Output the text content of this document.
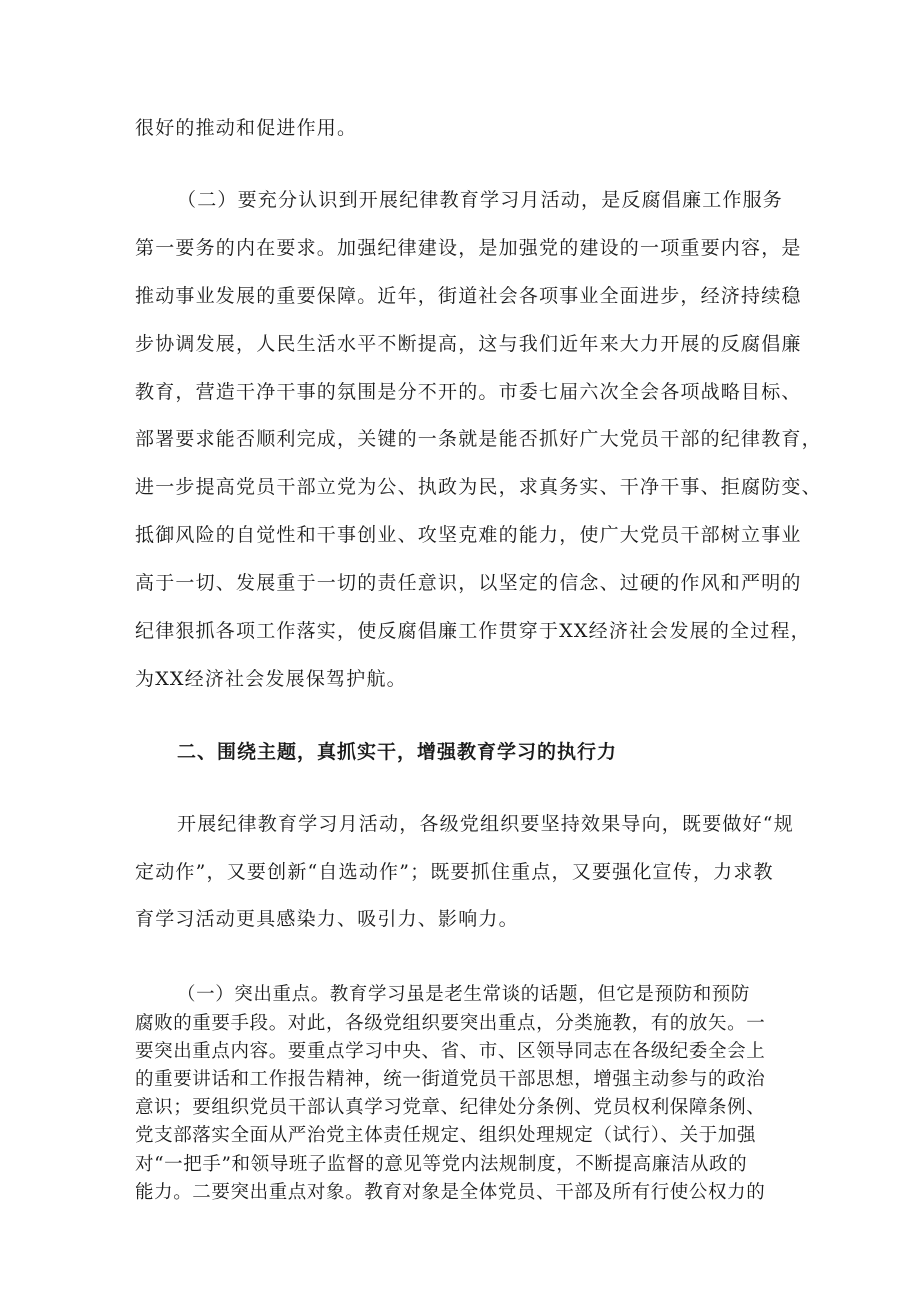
很好的推动和促进作用。
（二）要充分认识到开展纪律教育学习月活动，是反腐倡廉工作服务
第一要务的内在要求。加强纪律建设，是加强党的建设的一项重要内容，是
推动事业发展的重要保障。近年，街道社会各项事业全面进步，经济持续稳
步协调发展，人民生活水平不断提高，这与我们近年来大力开展的反腐倡廉
教育，营造干净干事的氛围是分不开的。市委七届六次全会各项战略目标、
部署要求能否顺利完成，关键的一条就是能否抓好广大党员干部的纪律教育，
进一步提高党员干部立党为公、执政为民，求真务实、干净干事、拒腐防变、
抵御风险的自觉性和干事创业、攻坚克难的能力，使广大党员干部树立事业
高于一切、发展重于一切的责任意识，以坚定的信念、过硬的作风和严明的
纪律狠抓各项工作落实，使反腐倡廉工作贯穿于XX经济社会发展的全过程，
为XX经济社会发展保驾护航。
二、围绕主题，真抓实干，增强教育学习的执行力
开展纪律教育学习月活动，各级党组织要坚持效果导向，既要做好“规
定动作”，又要创新“自选动作”；既要抓住重点，又要强化宣传，力求教
育学习活动更具感染力、吸引力、影响力。
（一）突出重点。教育学习虽是老生常谈的话题，但它是预防和预防
腐败的重要手段。对此，各级党组织要突出重点，分类施教，有的放矢。一
要突出重点内容。要重点学习中央、省、市、区领导同志在各级纪委全会上
的重要讲话和工作报告精神，统一街道党员干部思想，增强主动参与的政治
意识；要组织党员干部认真学习党章、纪律处分条例、党员权利保障条例、
党支部落实全面从严治党主体责任规定、组织处理规定（试行）、关于加强
对“一把手”和领导班子监督的意见等党内法规制度，不断提高廉洁从政的
能力。二要突出重点对象。教育对象是全体党员、干部及所有行使公权力的
